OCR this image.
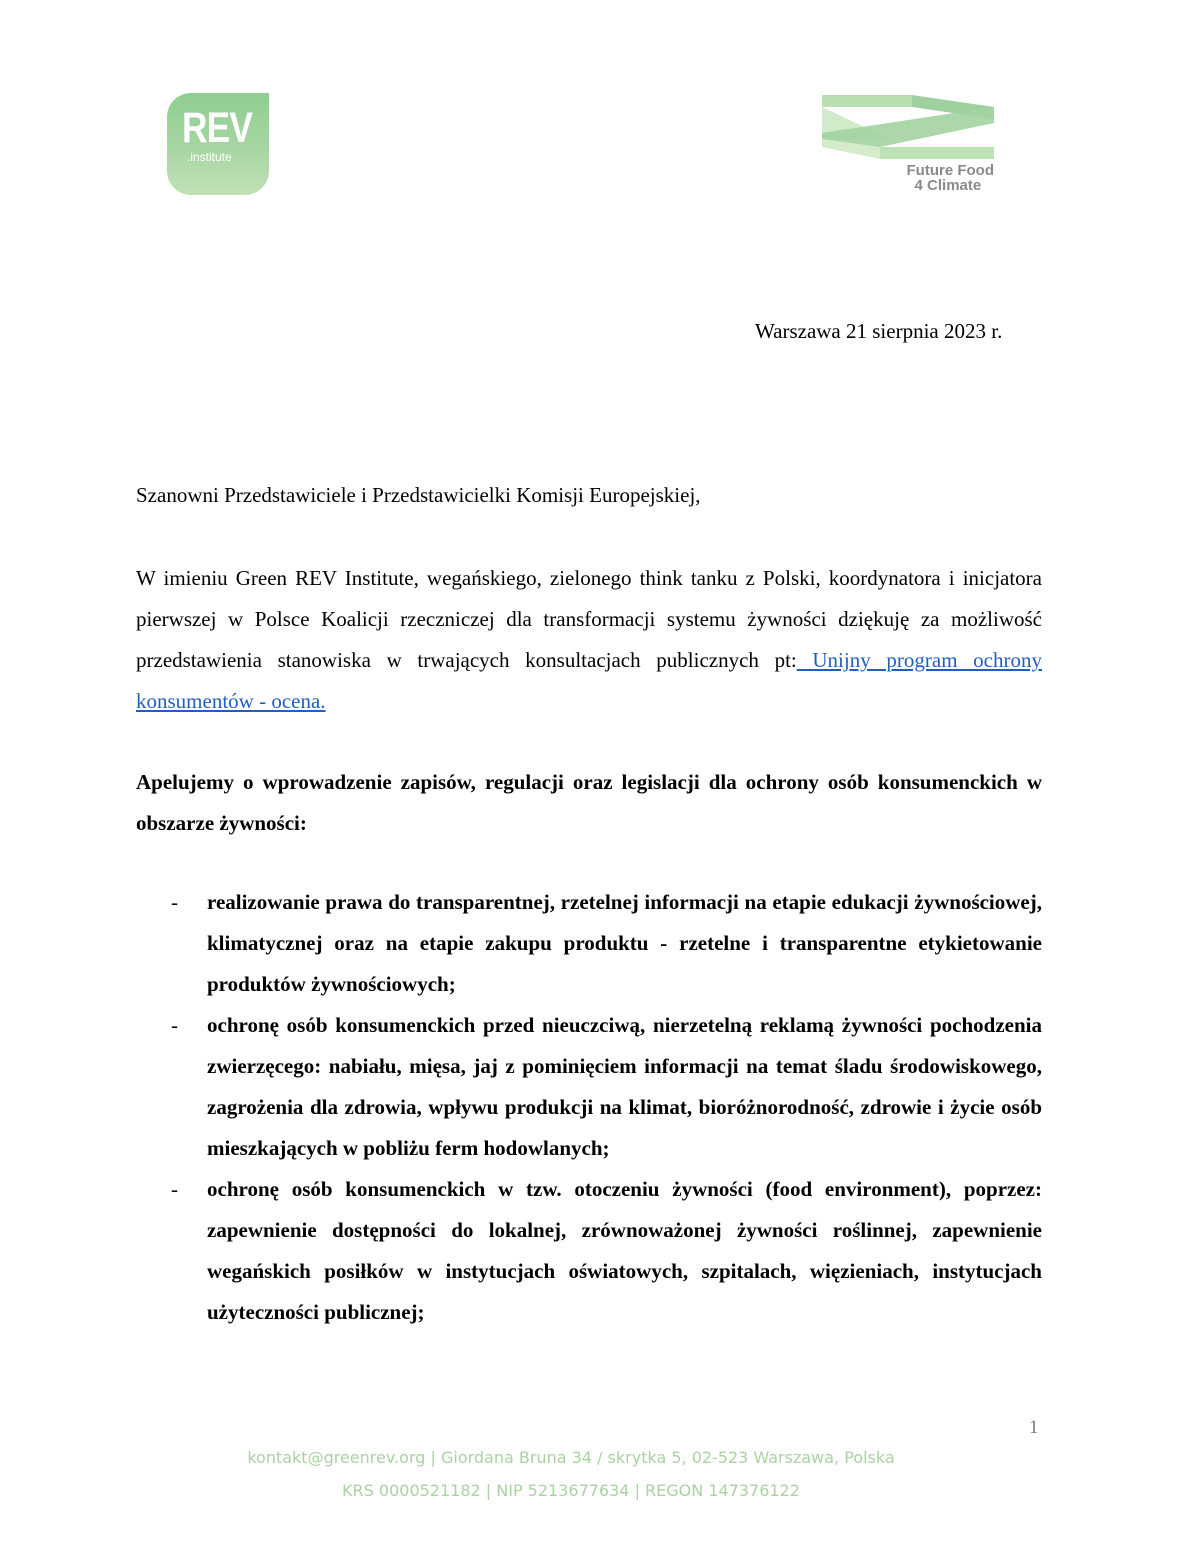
REV
.institute
Future Food
4 Climate
Warszawa 21 sierpnia 2023 r.
Szanowni Przedstawiciele i Przedstawicielki Komisji Europejskiej,
W imieniu Green REV Institute, wegańskiego, zielonego think tanku z Polski, koordynatora i inicjatora pierwszej w Polsce Koalicji rzeczniczej dla transformacji systemu żywności dziękuję za możliwość przedstawienia stanowiska w trwających konsultacjach publicznych pt: Unijny program ochrony konsumentów - ocena.
Apelujemy o wprowadzenie zapisów, regulacji oraz legislacji dla ochrony osób konsumenckich w obszarze żywności:
- realizowanie prawa do transparentnej, rzetelnej informacji na etapie edukacji żywnościowej, klimatycznej oraz na etapie zakupu produktu - rzetelne i transparentne etykietowanie produktów żywnościowych;
- ochronę osób konsumenckich przed nieuczciwą, nierzetelną reklamą żywności pochodzenia zwierzęcego: nabiału, mięsa, jaj z pominięciem informacji na temat śladu środowiskowego, zagrożenia dla zdrowia, wpływu produkcji na klimat, bioróżnorodność, zdrowie i życie osób mieszkających w pobliżu ferm hodowlanych;
- ochronę osób konsumenckich w tzw. otoczeniu żywności (food environment), poprzez: zapewnienie dostępności do lokalnej, zrównoważonej żywności roślinnej, zapewnienie wegańskich posiłków w instytucjach oświatowych, szpitalach, więzieniach, instytucjach użyteczności publicznej;
1
kontakt@greenrev.org | Giordana Bruna 34 / skrytka 5, 02-523 Warszawa, Polska
KRS 0000521182 | NIP 5213677634 | REGON 147376122
